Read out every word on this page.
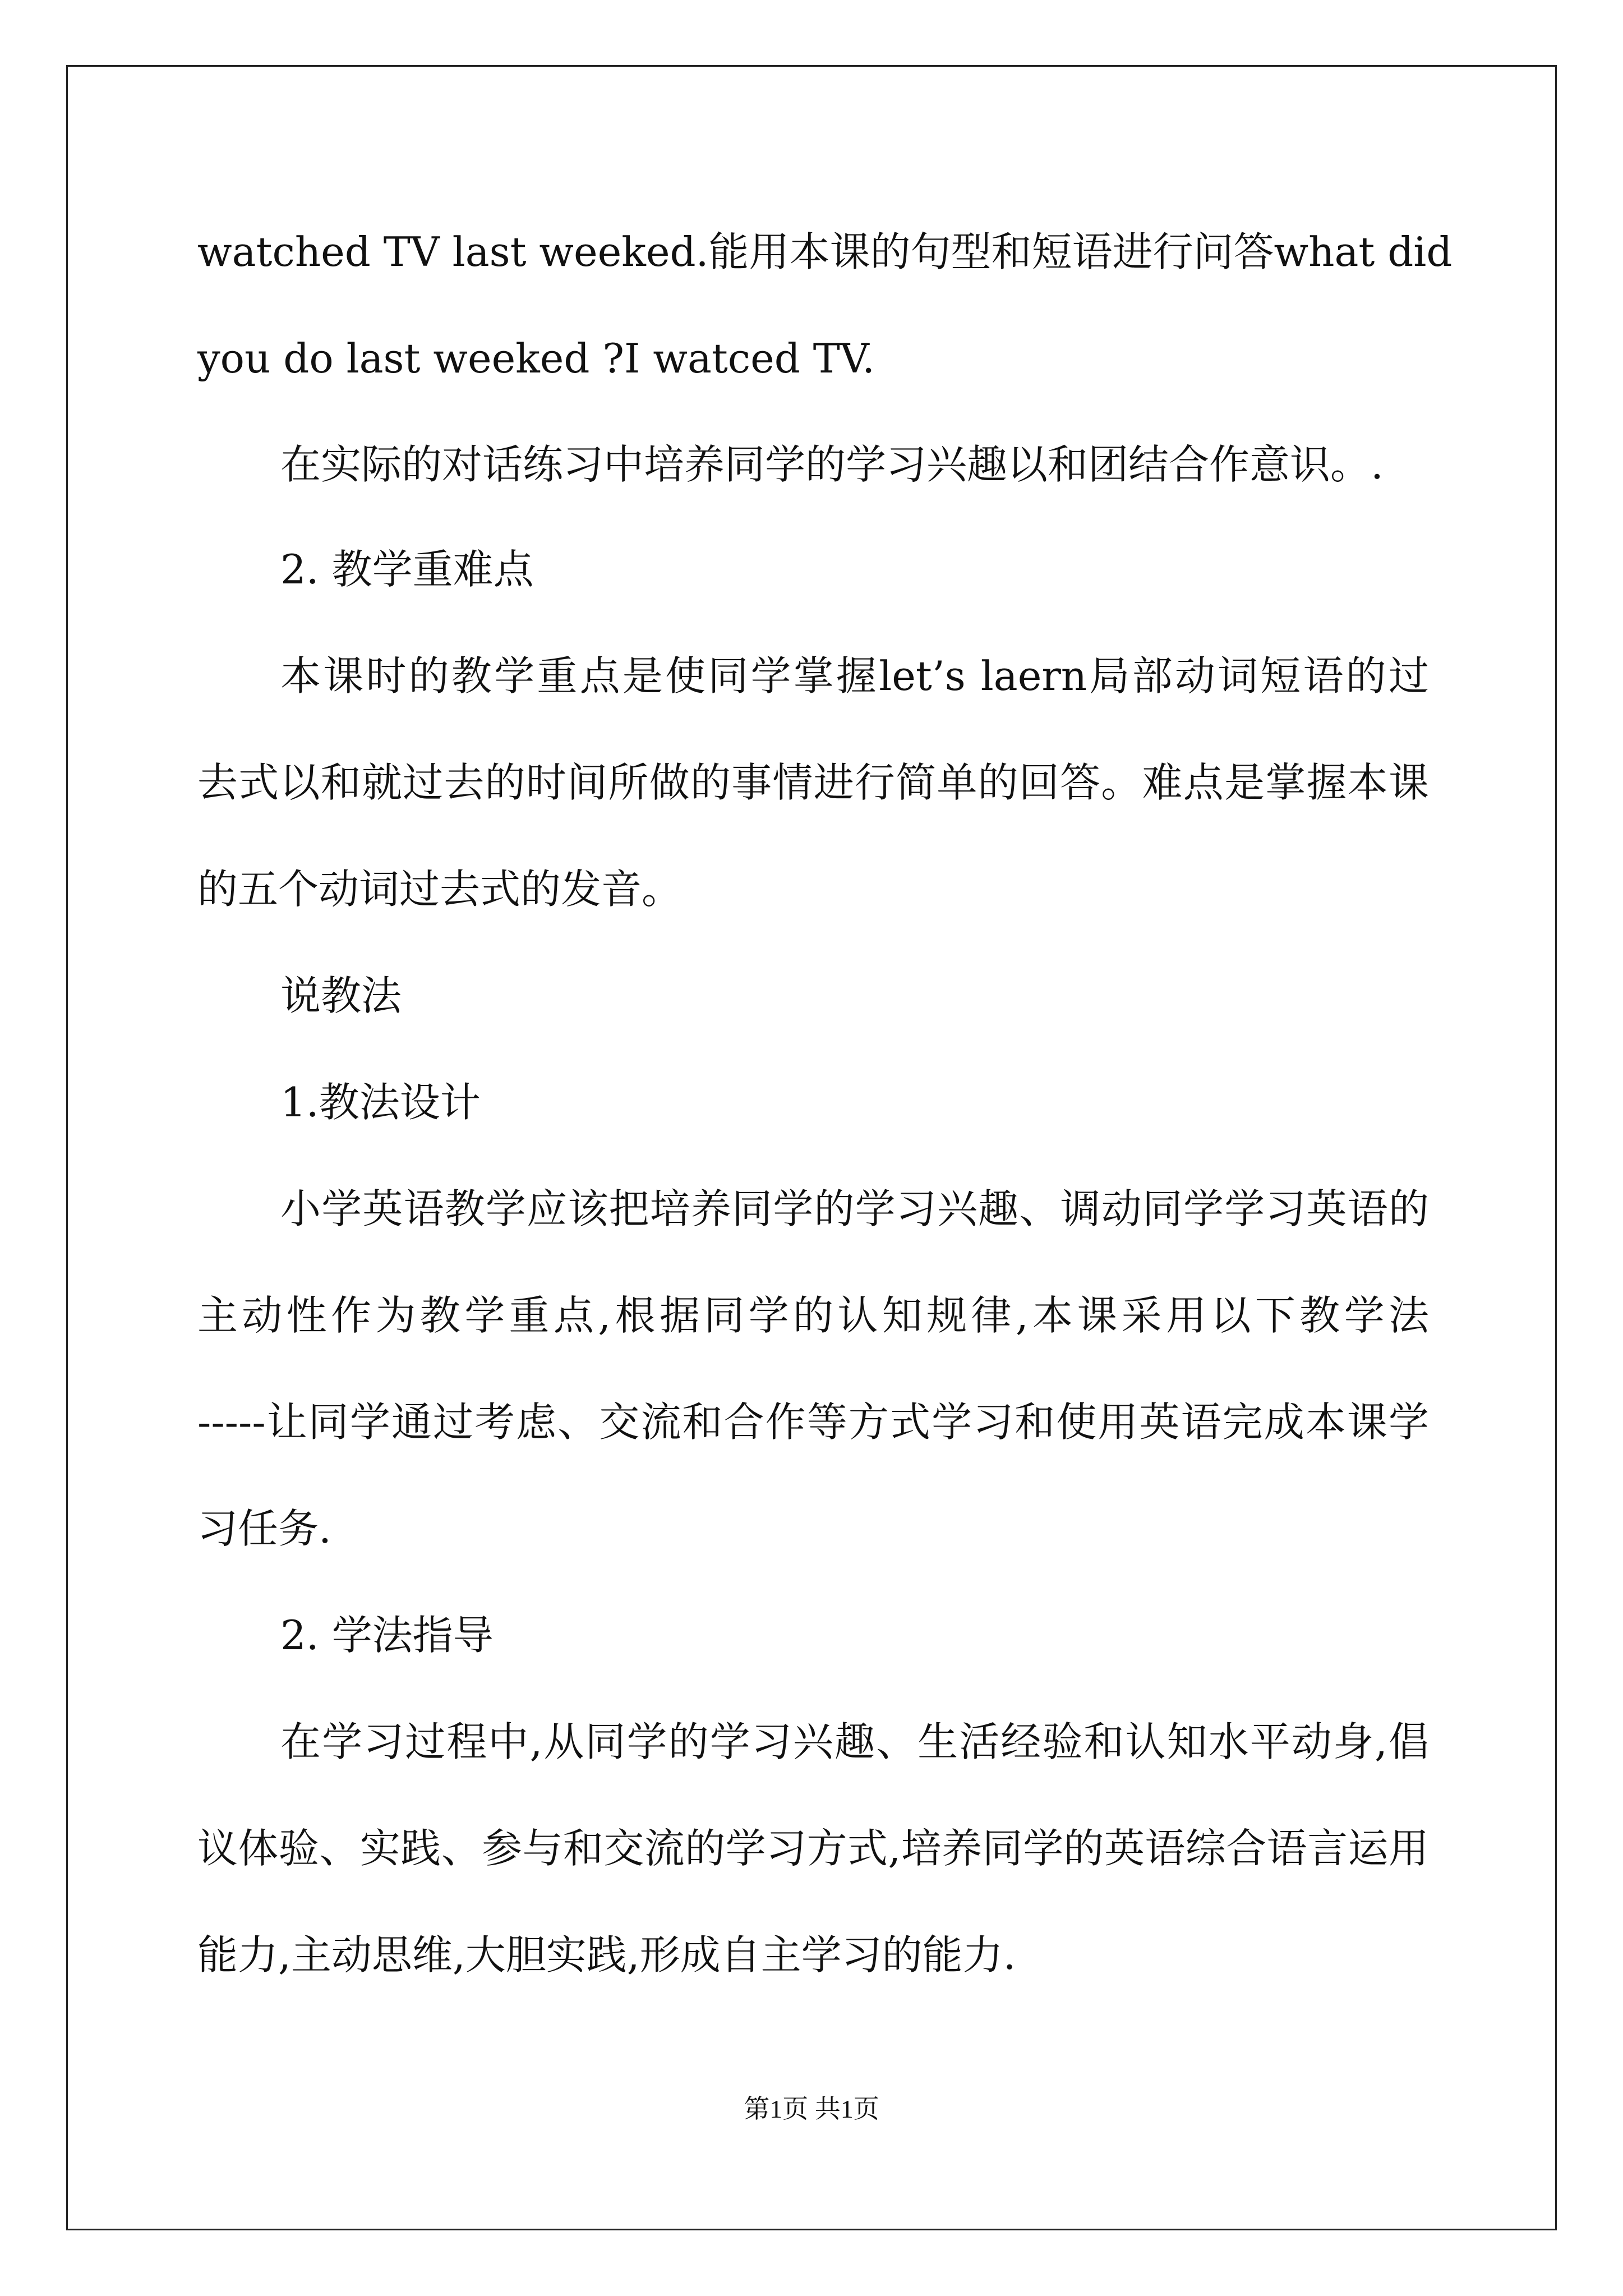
watched TV last weeked.能用本课的句型和短语进行问答what did
you do last weeked ?I watced TV.
在实际的对话练习中培养同学的学习兴趣以和团结合作意识。.
2. 教学重难点
本课时的教学重点是使同学掌握let’s laern局部动词短语的过
去式以和就过去的时间所做的事情进行简单的回答。难点是掌握本课
的五个动词过去式的发音。
说教法
1.教法设计
小学英语教学应该把培养同学的学习兴趣、调动同学学习英语的
主动性作为教学重点,根据同学的认知规律,本课采用以下教学法
-----让同学通过考虑、交流和合作等方式学习和使用英语完成本课学
习任务.
2. 学法指导
在学习过程中,从同学的学习兴趣、生活经验和认知水平动身,倡
议体验、实践、参与和交流的学习方式,培养同学的英语综合语言运用
能力,主动思维,大胆实践,形成自主学习的能力.
第1页 共1页
